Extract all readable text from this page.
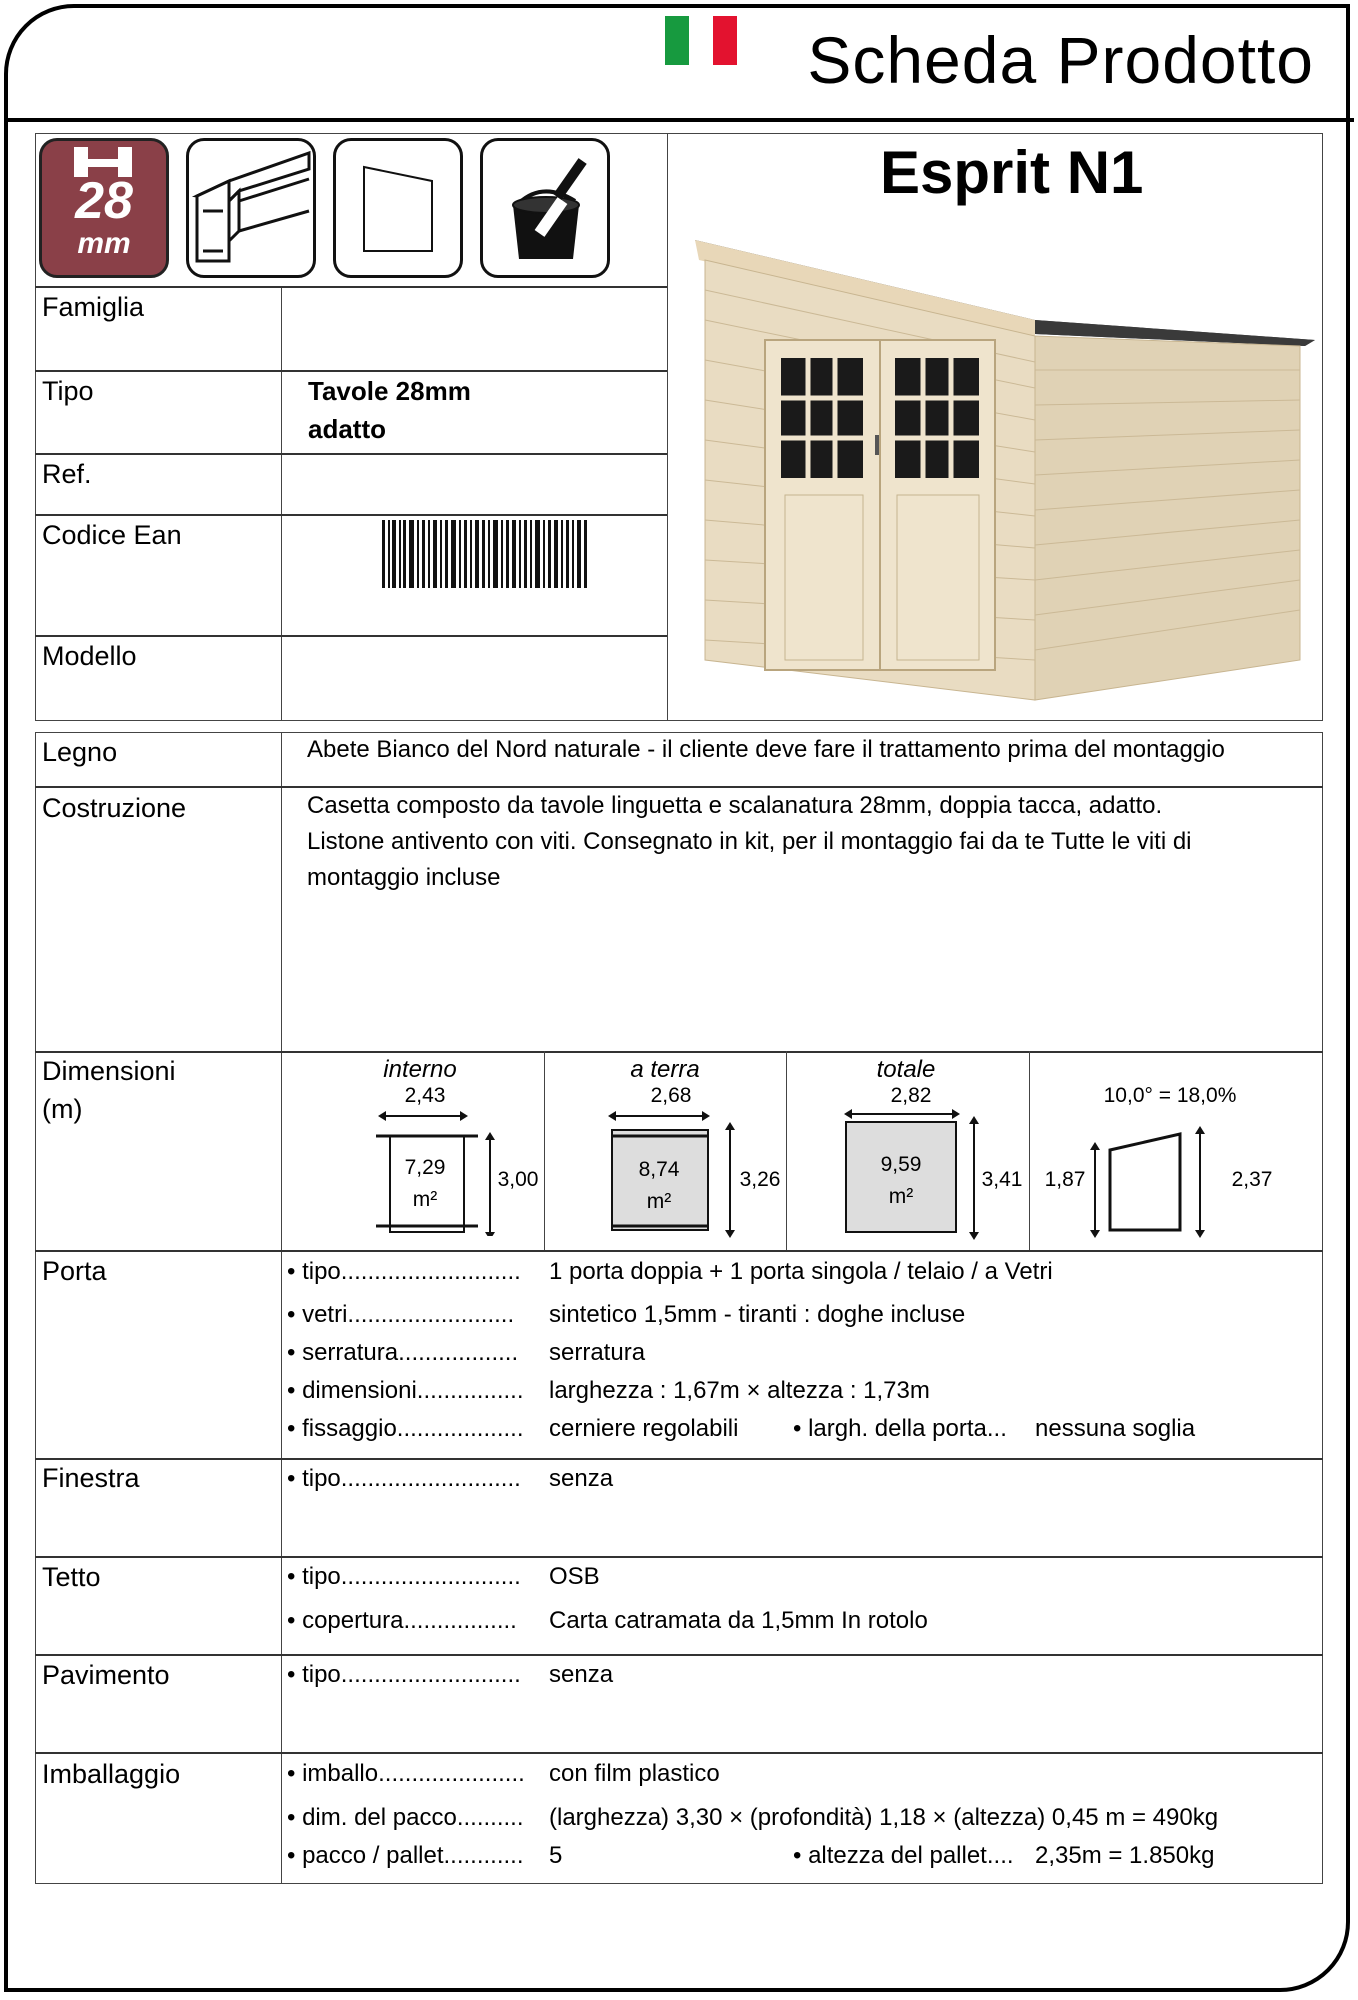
Scheda Prodotto
28
mm
Esprit N1
Famiglia
Tipo	Tavole 28mm
adatto
Ref.
Codice Ean
Modello
Legno	Abete Bianco del Nord naturale - il cliente deve fare il trattamento prima del montaggio
Costruzione	Casetta composto da tavole linguetta e scalanatura 28mm, doppia tacca, adatto.
Listone antivento con viti. Consegnato in kit, per il montaggio fai da te Tutte le viti di
montaggio incluse
Dimensioni
(m)
interno
2,43
7,29
m²
3,00
a terra
2,68
8,74
m²
3,26
totale
2,82
9,59
m²
3,41
10,0° = 18,0%
1,87	2,37
Porta	• tipo........................... 1 porta doppia + 1 porta singola / telaio / a Vetri
• vetri......................... sintetico 1,5mm - tiranti : doghe incluse
• serratura.................. serratura
• dimensioni................ larghezza : 1,67m × altezza : 1,73m
• fissaggio................... cerniere regolabili • largh. della porta... nessuna soglia
Finestra	• tipo........................... senza
Tetto	• tipo........................... OSB
• copertura................. Carta catramata da 1,5mm In rotolo
Pavimento	• tipo........................... senza
Imballaggio	• imballo...................... con film plastico
• dim. del pacco.......... (larghezza) 3,30 × (profondità) 1,18 × (altezza) 0,45 m = 490kg
• pacco / pallet............ 5	• altezza del pallet.... 2,35m = 1.850kg
